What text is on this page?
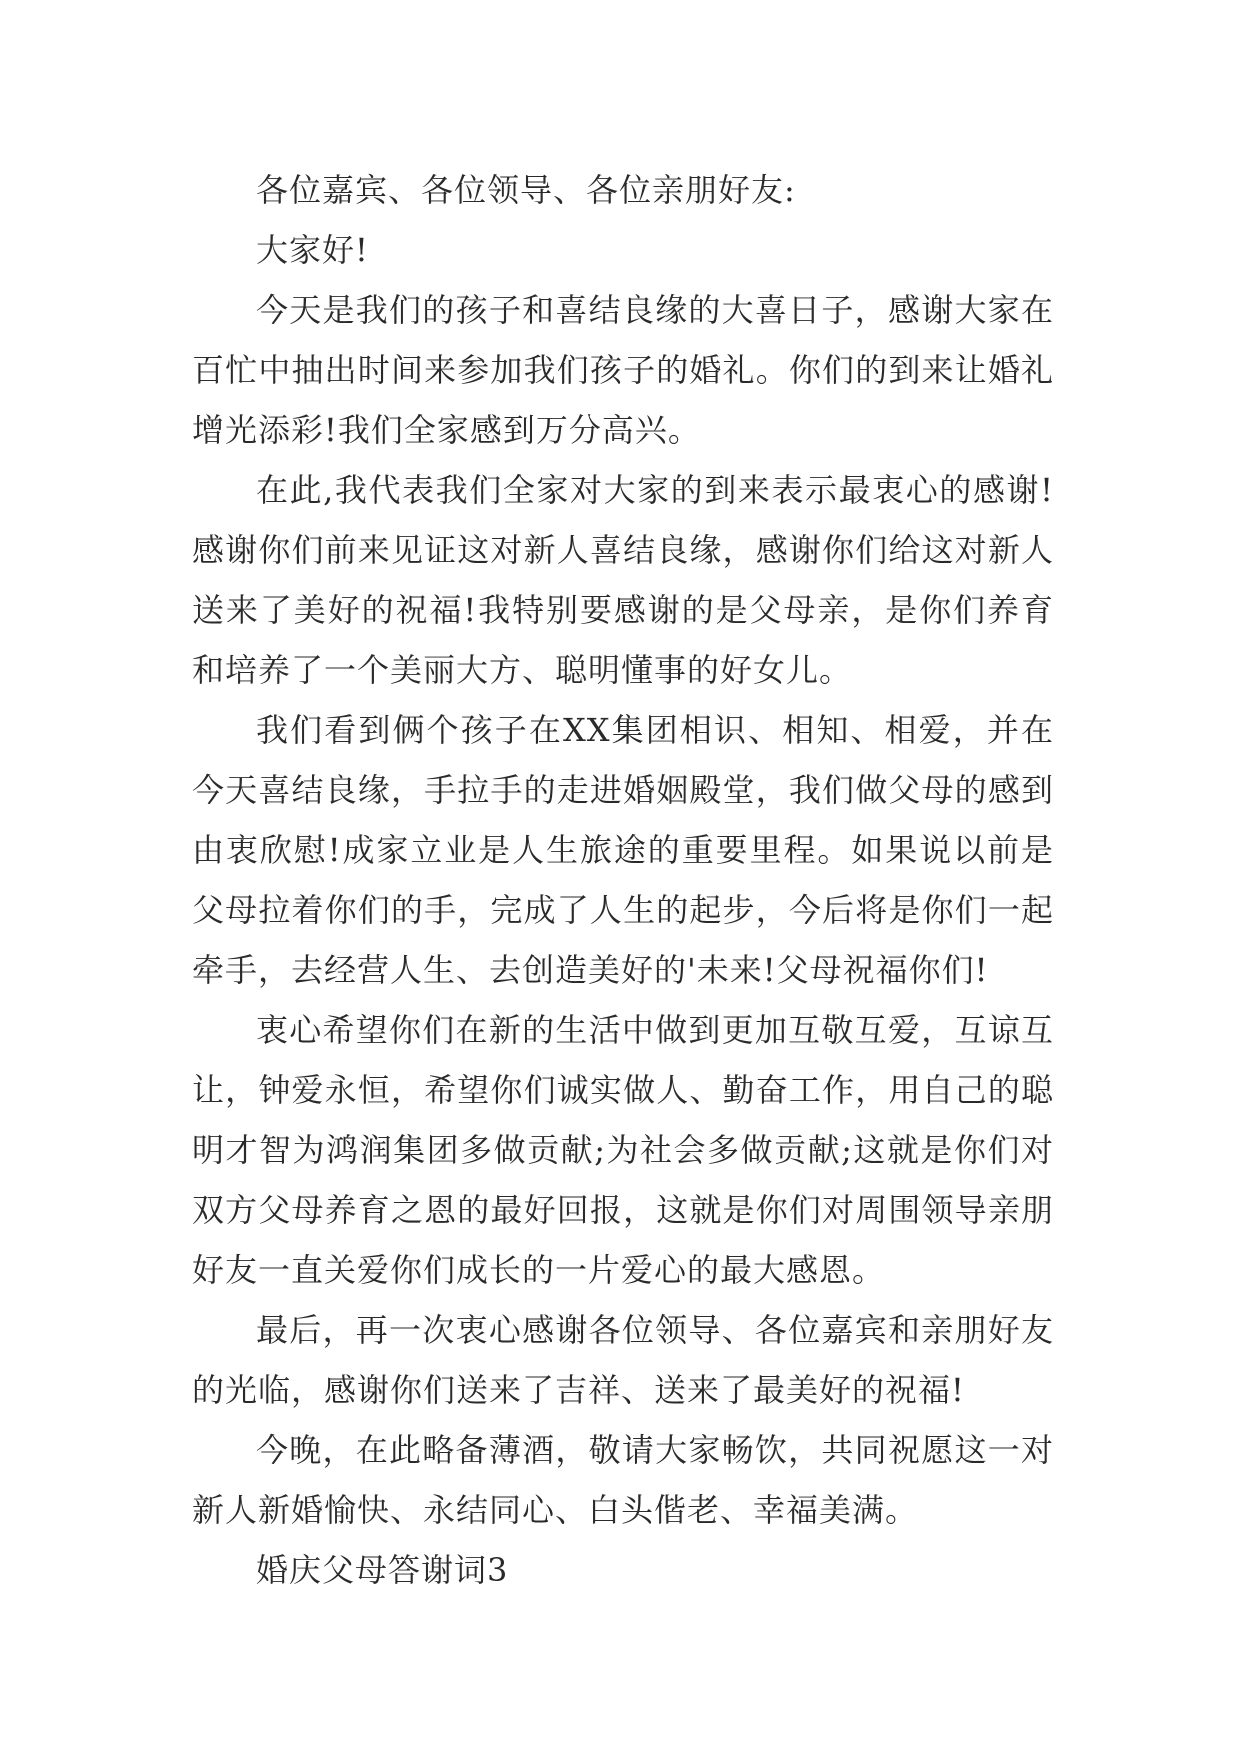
各位嘉宾、各位领导、各位亲朋好友:

大家好!

今天是我们的孩子和喜结良缘的大喜日子，感谢大家在百忙中抽出时间来参加我们孩子的婚礼。你们的到来让婚礼增光添彩!我们全家感到万分高兴。

在此,我代表我们全家对大家的到来表示最衷心的感谢!感谢你们前来见证这对新人喜结良缘，感谢你们给这对新人送来了美好的祝福!我特别要感谢的是父母亲，是你们养育和培养了一个美丽大方、聪明懂事的好女儿。

我们看到俩个孩子在XX集团相识、相知、相爱，并在今天喜结良缘，手拉手的走进婚姻殿堂，我们做父母的感到由衷欣慰!成家立业是人生旅途的重要里程。如果说以前是父母拉着你们的手，完成了人生的起步，今后将是你们一起牵手，去经营人生、去创造美好的'未来!父母祝福你们!

衷心希望你们在新的生活中做到更加互敬互爱，互谅互让，钟爱永恒，希望你们诚实做人、勤奋工作，用自己的聪明才智为鸿润集团多做贡献;为社会多做贡献;这就是你们对双方父母养育之恩的最好回报，这就是你们对周围领导亲朋好友一直关爱你们成长的一片爱心的最大感恩。

最后，再一次衷心感谢各位领导、各位嘉宾和亲朋好友的光临，感谢你们送来了吉祥、送来了最美好的祝福!

今晚，在此略备薄酒，敬请大家畅饮，共同祝愿这一对新人新婚愉快、永结同心、白头偕老、幸福美满。

婚庆父母答谢词3
